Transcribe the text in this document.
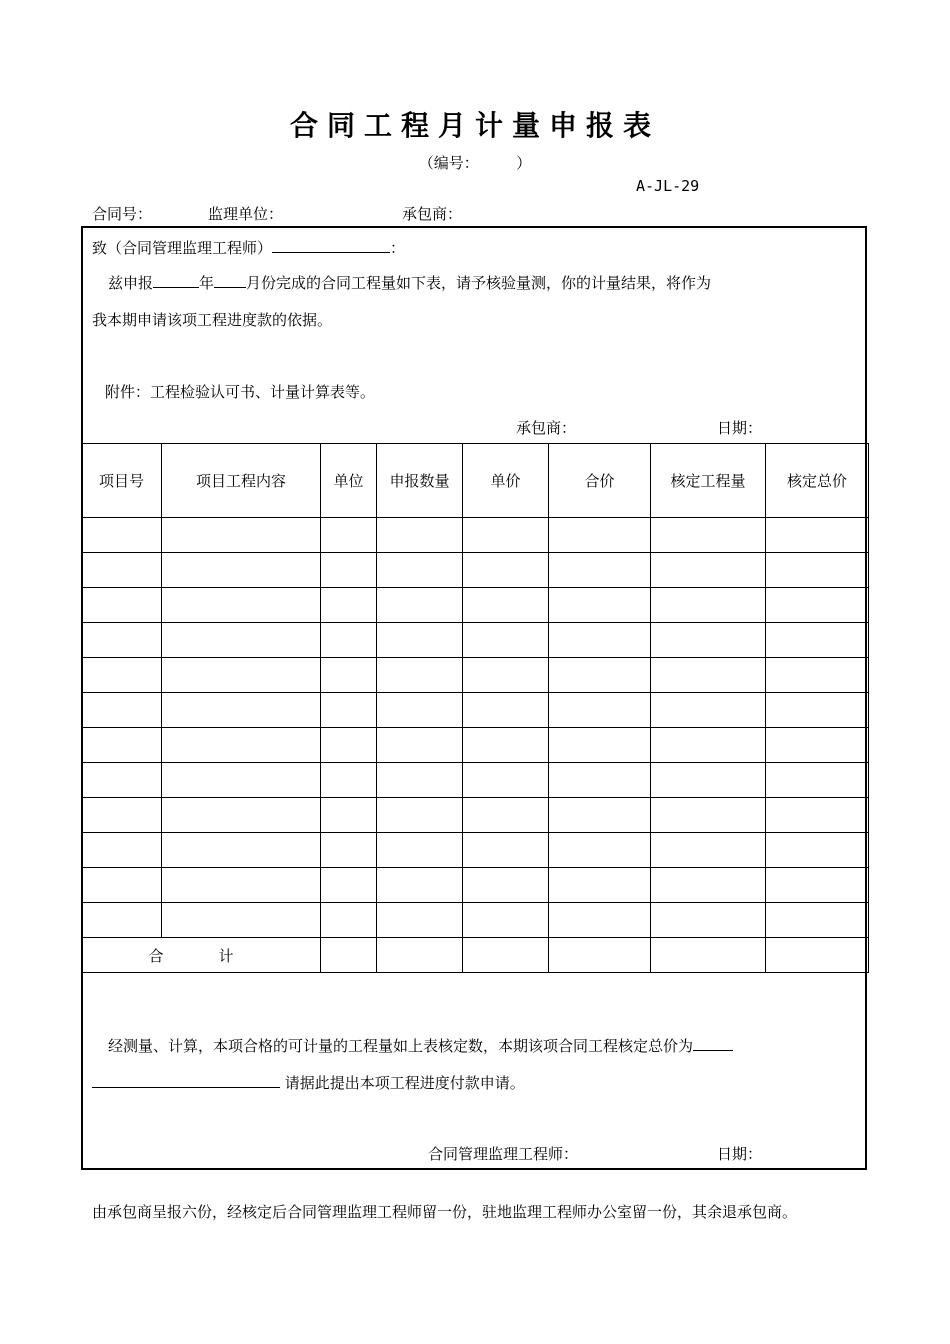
合同工程月计量申报表
（编号：　　　）
A-JL-29
合同号：	监理单位：	承包商：
致（合同管理监理工程师）	：
兹申报	年 月份完成的合同工程量如下表，请予核验量测，你的计量结果，将作为
我本期申请该项工程进度款的依据。
附件：工程检验认可书、计量计算表等。
承包商：	日期：
项目号	项目工程内容	单位	申报数量	单价	合价	核定工程量	核定总价

合　计							
经测量、计算，本项合格的可计量的工程量如上表核定数，本期该项合同工程核定总价为
请据此提出本项工程进度付款申请。
合同管理监理工程师：	日期：
由承包商呈报六份，经核定后合同管理监理工程师留一份，驻地监理工程师办公室留一份，其余退承包商。
